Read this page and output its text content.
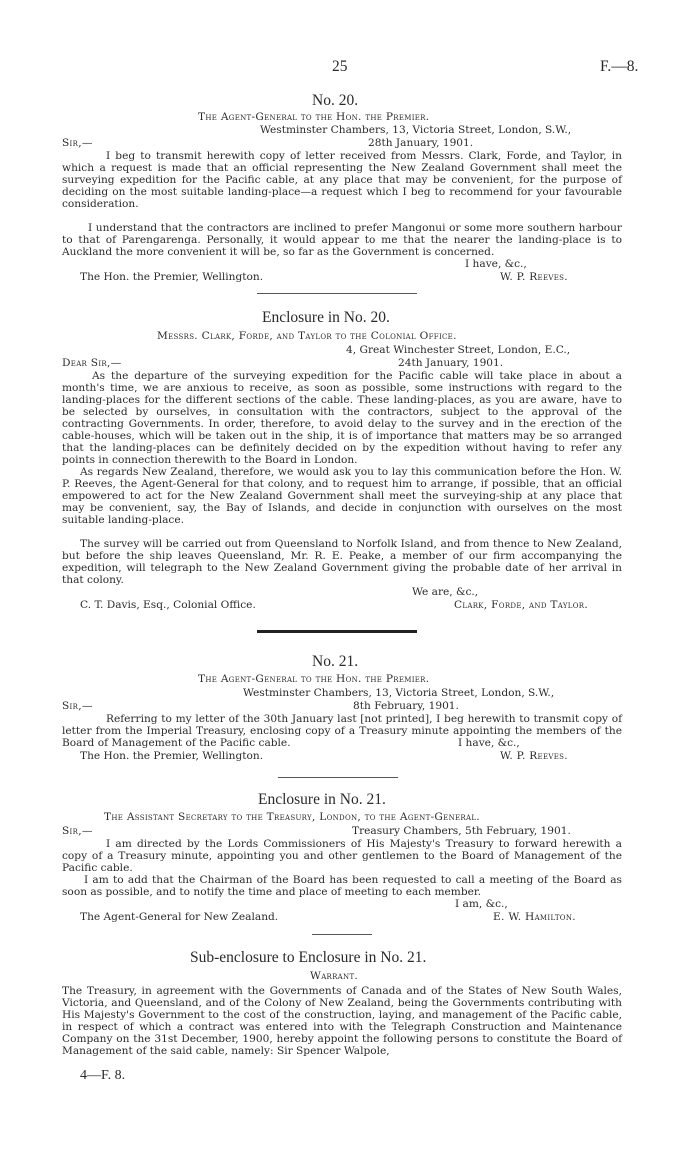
25	F.—8.
No. 20.
The Agent-General to the Hon. the Premier.
Westminster Chambers, 13, Victoria Street, London, S.W.,
Sir,—	28th January, 1901.
I beg to transmit herewith copy of letter received from Messrs. Clark, Forde, and Taylor, in which a request is made that an official representing the New Zealand Government shall meet the surveying expedition for the Pacific cable, at any place that may be convenient, for the purpose of deciding on the most suitable landing-place—a request which I beg to recommend for your favourable consideration.
I understand that the contractors are inclined to prefer Mangonui or some more southern harbour to that of Parengarenga. Personally, it would appear to me that the nearer the landing-place is to Auckland the more convenient it will be, so far as the Government is concerned.
I have, &c.,
The Hon. the Premier, Wellington.	W. P. Reeves.
Enclosure in No. 20.
Messrs. Clark, Forde, and Taylor to the Colonial Office.
4, Great Winchester Street, London, E.C.,
Dear Sir,—	24th January, 1901.
As the departure of the surveying expedition for the Pacific cable will take place in about a month's time, we are anxious to receive, as soon as possible, some instructions with regard to the landing-places for the different sections of the cable. These landing-places, as you are aware, have to be selected by ourselves, in consultation with the contractors, subject to the approval of the contracting Governments. In order, therefore, to avoid delay to the survey and in the erection of the cable-houses, which will be taken out in the ship, it is of importance that matters may be so arranged that the landing-places can be definitely decided on by the expedition without having to refer any points in connection therewith to the Board in London.
As regards New Zealand, therefore, we would ask you to lay this communication before the Hon. W. P. Reeves, the Agent-General for that colony, and to request him to arrange, if possible, that an official empowered to act for the New Zealand Government shall meet the surveying-ship at any place that may be convenient, say, the Bay of Islands, and decide in conjunction with ourselves on the most suitable landing-place.
The survey will be carried out from Queensland to Norfolk Island, and from thence to New Zealand, but before the ship leaves Queensland, Mr. R. E. Peake, a member of our firm accompanying the expedition, will telegraph to the New Zealand Government giving the probable date of her arrival in that colony.
We are, &c.,
C. T. Davis, Esq., Colonial Office.	Clark, Forde, and Taylor.
No. 21.
The Agent-General to the Hon. the Premier.
Westminster Chambers, 13, Victoria Street, London, S.W.,
Sir,—	8th February, 1901.
Referring to my letter of the 30th January last [not printed], I beg herewith to transmit copy of letter from the Imperial Treasury, enclosing copy of a Treasury minute appointing the members of the Board of Management of the Pacific cable.	I have, &c.,
The Hon. the Premier, Wellington.	W. P. Reeves.
Enclosure in No. 21.
The Assistant Secretary to the Treasury, London, to the Agent-General.
Sir,—	Treasury Chambers, 5th February, 1901.
I am directed by the Lords Commissioners of His Majesty's Treasury to forward herewith a copy of a Treasury minute, appointing you and other gentlemen to the Board of Management of the Pacific cable.
I am to add that the Chairman of the Board has been requested to call a meeting of the Board as soon as possible, and to notify the time and place of meeting to each member.
I am, &c.,
The Agent-General for New Zealand.	E. W. Hamilton.
Sub-enclosure to Enclosure in No. 21.
Warrant.
The Treasury, in agreement with the Governments of Canada and of the States of New South Wales, Victoria, and Queensland, and of the Colony of New Zealand, being the Governments contributing with His Majesty's Government to the cost of the construction, laying, and management of the Pacific cable, in respect of which a contract was entered into with the Telegraph Construction and Maintenance Company on the 31st December, 1900, hereby appoint the following persons to constitute the Board of Management of the said cable, namely: Sir Spencer Walpole,
4—F. 8.
